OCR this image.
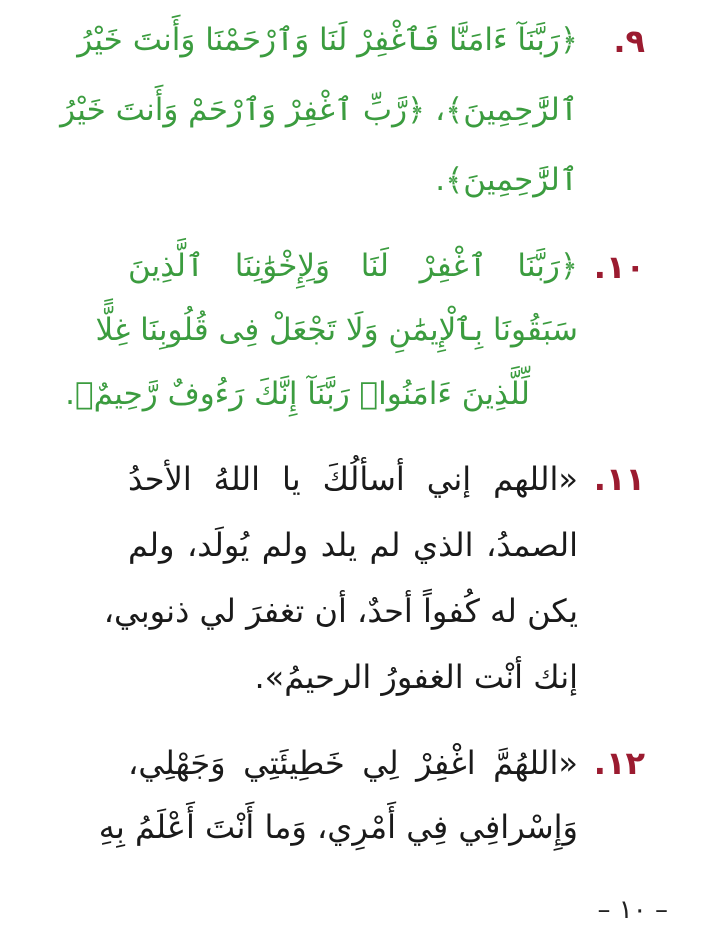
٩.
﴿رَبَّنَآ ءَامَنَّا فَٱغْفِرْ لَنَا وَٱرْحَمْنَا وَأَنتَ خَيْرُ
ٱلرَّٰحِمِينَ﴾، ﴿رَّبِّ ٱغْفِرْ وَٱرْحَمْ وَأَنتَ خَيْرُ
ٱلرَّٰحِمِينَ﴾.
١٠.
﴿رَبَّنَا ٱغْفِرْ لَنَا وَلِإِخْوَٰنِنَا ٱلَّذِينَ
سَبَقُونَا بِٱلْإِيمَٰنِ وَلَا تَجْعَلْ فِى قُلُوبِنَا غِلًّا
لِّلَّذِينَ ءَامَنُوا۟ رَبَّنَآ إِنَّكَ رَءُوفٌ رَّحِيمٌ﴾.
١١.
«اللهم إني أسألُكَ يا اللهُ الأحدُ
الصمدُ، الذي لم يلد ولم يُولَد، ولم
يكن له كُفواً أحدٌ، أن تغفرَ لي ذنوبي،
إنك أنْت الغفورُ الرحيمُ».
١٢.
«اللهُمَّ اغْفِرْ لِي خَطِيئَتِي وَجَهْلِي،
وَإِسْرافِي فِي أَمْرِي، وَما أَنْتَ أَعْلَمُ بِهِ
– ١٠ –
